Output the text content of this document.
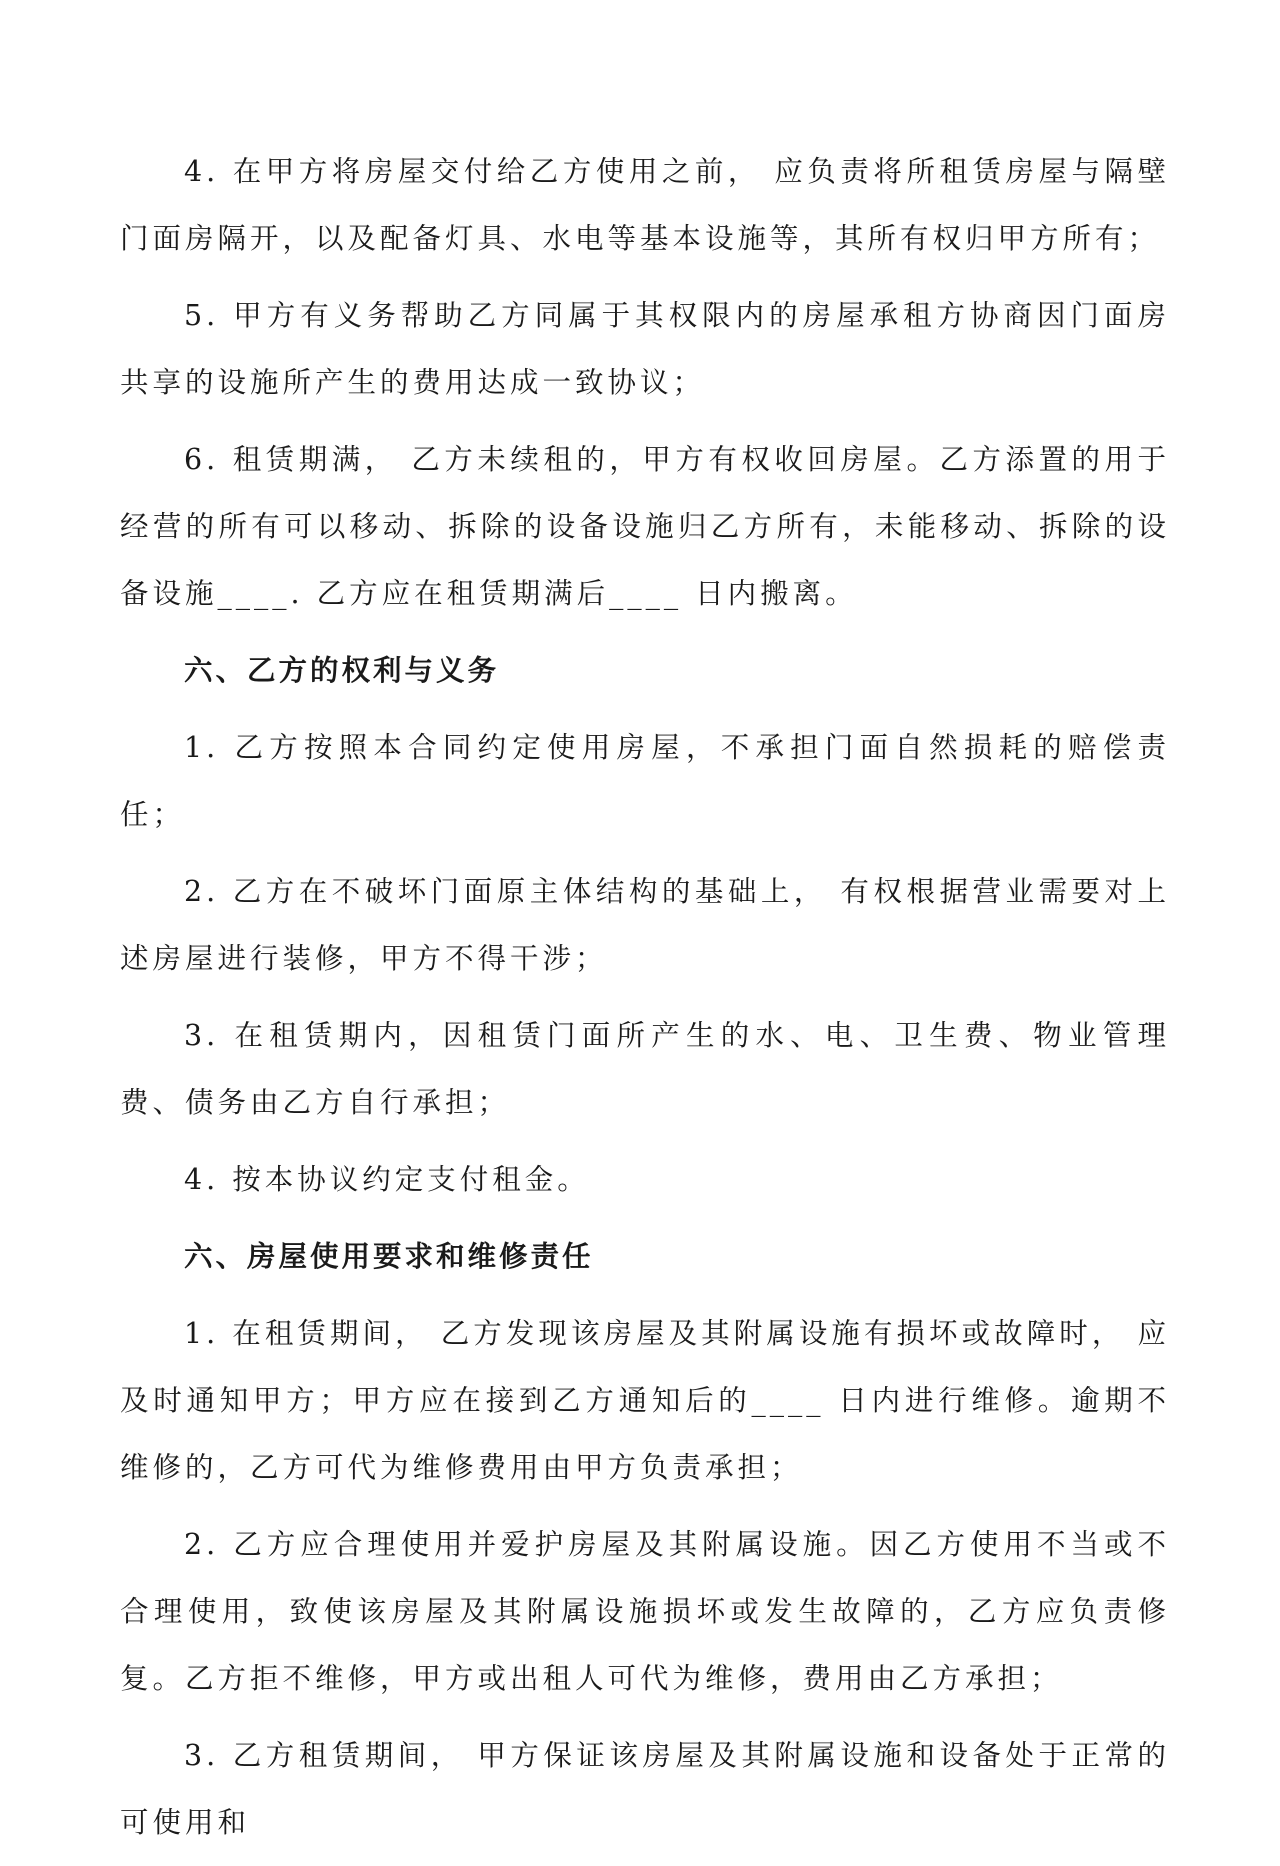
4. 在甲方将房屋交付给乙方使用之前， 应负责将所租赁房屋与隔壁门面房隔开，以及配备灯具、水电等基本设施等，其所有权归甲方所有；

5. 甲方有义务帮助乙方同属于其权限内的房屋承租方协商因门面房共享的设施所产生的费用达成一致协议；

6. 租赁期满， 乙方未续租的，甲方有权收回房屋。乙方添置的用于经营的所有可以移动、拆除的设备设施归乙方所有，未能移动、拆除的设备设施____. 乙方应在租赁期满后____ 日内搬离。

六、乙方的权利与义务

1. 乙方按照本合同约定使用房屋，不承担门面自然损耗的赔偿责任；

2. 乙方在不破坏门面原主体结构的基础上， 有权根据营业需要对上述房屋进行装修，甲方不得干涉；

3. 在租赁期内，因租赁门面所产生的水、电、卫生费、物业管理费、债务由乙方自行承担；

4. 按本协议约定支付租金。

六、房屋使用要求和维修责任

1. 在租赁期间， 乙方发现该房屋及其附属设施有损坏或故障时， 应及时通知甲方；甲方应在接到乙方通知后的____ 日内进行维修。逾期不维修的，乙方可代为维修费用由甲方负责承担；

2. 乙方应合理使用并爱护房屋及其附属设施。因乙方使用不当或不合理使用，致使该房屋及其附属设施损坏或发生故障的，乙方应负责修复。乙方拒不维修，甲方或出租人可代为维修，费用由乙方承担；

3. 乙方租赁期间， 甲方保证该房屋及其附属设施和设备处于正常的可使用和
